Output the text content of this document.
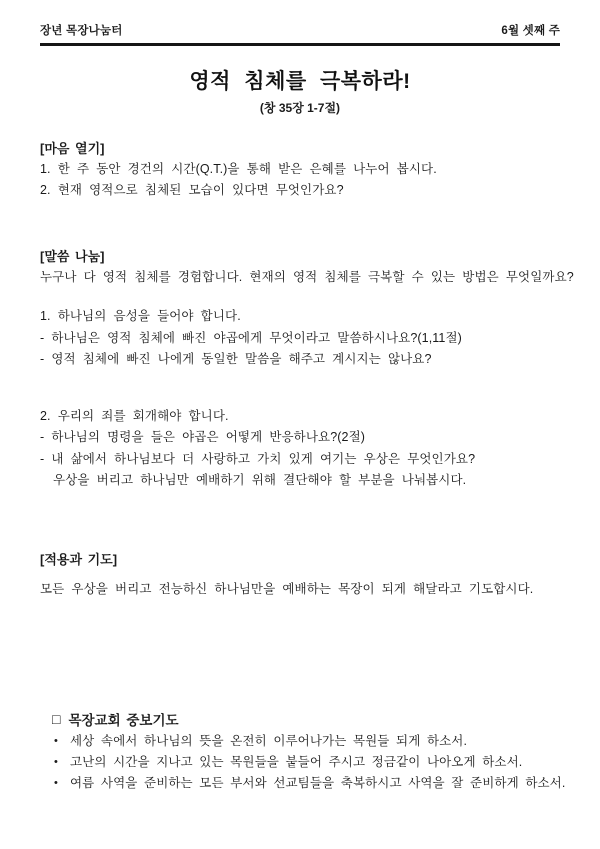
장년 목장나눔터	6월 셋째 주
영적 침체를 극복하라!
(창 35장 1-7절)
[마음 열기]
1. 한 주 동안 경건의 시간(Q.T.)을 통해 받은 은혜를 나누어 봅시다.
2. 현재 영적으로 침체된 모습이 있다면 무엇인가요?
[말씀 나눔]
누구나 다 영적 침체를 경험합니다. 현재의 영적 침체를 극복할 수 있는 방법은 무엇일까요?
1. 하나님의 음성을 들어야 합니다.
- 하나님은 영적 침체에 빠진 야곱에게 무엇이라고 말씀하시나요?(1,11절)
- 영적 침체에 빠진 나에게 동일한 말씀을 해주고 계시지는 않나요?
2. 우리의 죄를 회개해야 합니다.
- 하나님의 명령을 들은 야곱은 어떻게 반응하나요?(2절)
- 내 삶에서 하나님보다 더 사랑하고 가치 있게 여기는 우상은 무엇인가요?
우상을 버리고 하나님만 예배하기 위해 결단해야 할 부분을 나눠봅시다.
[적용과 기도]
모든 우상을 버리고 전능하신 하나님만을 예배하는 목장이 되게 해달라고 기도합시다.
□ 목장교회 중보기도
• 세상 속에서 하나님의 뜻을 온전히 이루어나가는 목원들 되게 하소서.
• 고난의 시간을 지나고 있는 목원들을 붙들어 주시고 정금같이 나아오게 하소서.
• 여름 사역을 준비하는 모든 부서와 선교팀들을 축복하시고 사역을 잘 준비하게 하소서.
